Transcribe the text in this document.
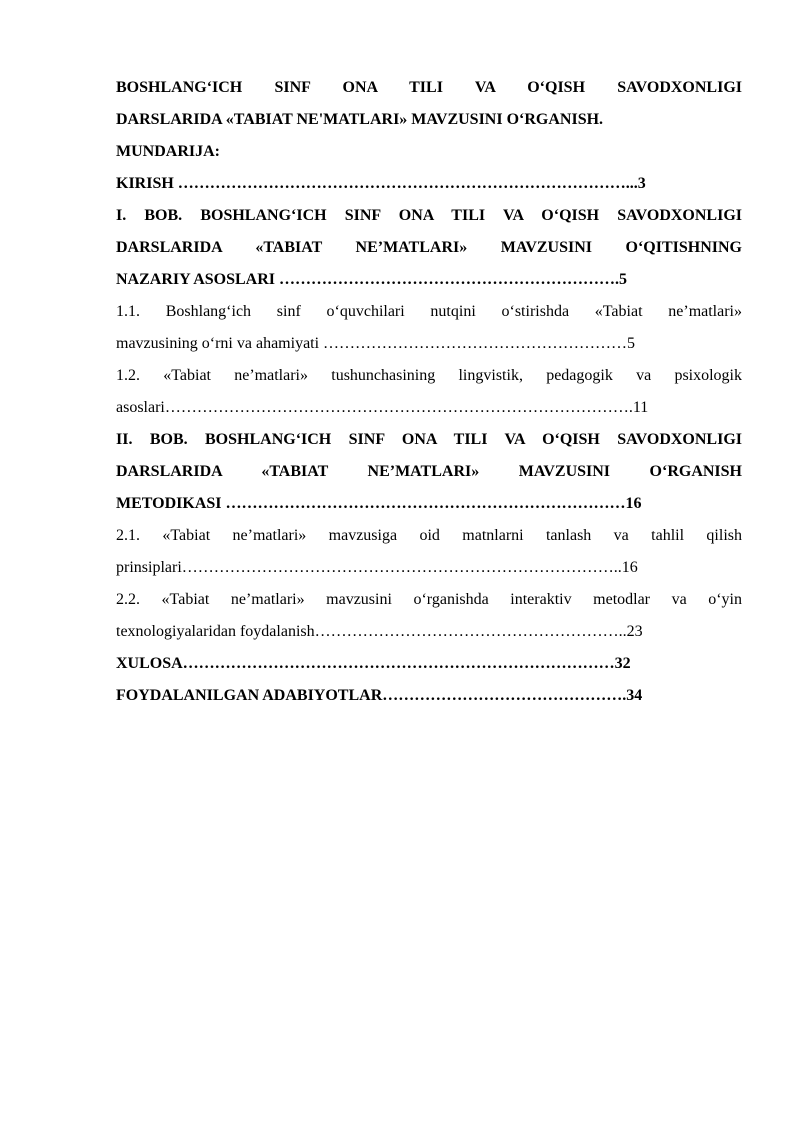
BOSHLANG‘ICH SINF ONA TILI VA O‘QISH SAVODXONLIGI
DARSLARIDA «TABIAT NE'MATLARI» MAVZUSINI O‘RGANISH.
MUNDARIJA:
KIRISH …………………………………………………………………………...3
I. BOB. BOSHLANG‘ICH SINF ONA TILI VA O‘QISH SAVODXONLIGI
DARSLARIDA «TABIAT NE’MATLARI» MAVZUSINI O‘QITISHNING
NAZARIY ASOSLARI ……………………………………………………….5
1.1. Boshlang‘ich sinf o‘quvchilari nutqini o‘stirishda «Tabiat ne’matlari»
mavzusining o‘rni va ahamiyati …………………………………………………5
1.2. «Tabiat ne’matlari» tushunchasining lingvistik, pedagogik va psixologik
asoslari…………………………………………………………………………….11
II. BOB. BOSHLANG‘ICH SINF ONA TILI VA O‘QISH SAVODXONLIGI
DARSLARIDA «TABIAT NE’MATLARI» MAVZUSINI O‘RGANISH
METODIKASI …………………………………………………………………16
2.1. «Tabiat ne’matlari» mavzusiga oid matnlarni tanlash va tahlil qilish
prinsiplari………………………………………………………………………..16
2.2. «Tabiat ne’matlari» mavzusini o‘rganishda interaktiv metodlar va o‘yin
texnologiyalaridan foydalanish…………………………………………………..23
XULOSA………………………………………………………………………32
FOYDALANILGAN ADABIYOTLAR……………………………………….34
